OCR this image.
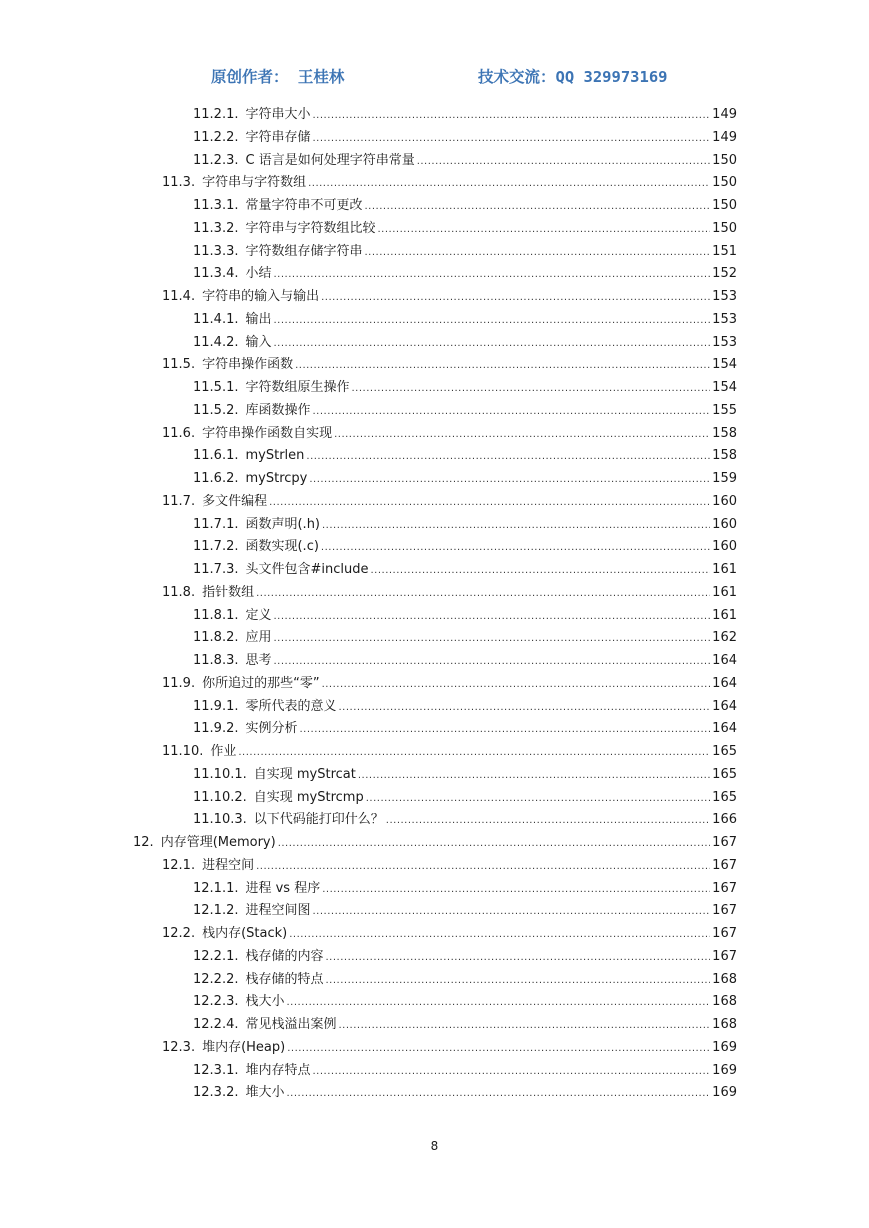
原创作者： 王桂林	技术交流：QQ 329973169
11.2.1. 字符串大小 .....	149
11.2.2. 字符串存储 .....	149
11.2.3. C 语言是如何处理字符串常量 .....	150
11.3. 字符串与字符数组 .....	150
11.3.1. 常量字符串不可更改 .....	150
11.3.2. 字符串与字符数组比较 .....	150
11.3.3. 字符数组存储字符串 .....	151
11.3.4. 小结 .....	152
11.4. 字符串的输入与输出 .....	153
11.4.1. 输出 .....	153
11.4.2. 输入 .....	153
11.5. 字符串操作函数 .....	154
11.5.1. 字符数组原生操作 .....	154
11.5.2. 库函数操作 .....	155
11.6. 字符串操作函数自实现 .....	158
11.6.1. myStrlen .....	158
11.6.2. myStrcpy .....	159
11.7. 多文件编程 .....	160
11.7.1. 函数声明(.h) .....	160
11.7.2. 函数实现(.c) .....	160
11.7.3. 头文件包含#include .....	161
11.8. 指针数组 .....	161
11.8.1. 定义 .....	161
11.8.2. 应用 .....	162
11.8.3. 思考 .....	164
11.9. 你所追过的那些“零” .....	164
11.9.1. 零所代表的意义 .....	164
11.9.2. 实例分析 .....	164
11.10. 作业 .....	165
11.10.1. 自实现 myStrcat .....	165
11.10.2. 自实现 myStrcmp .....	165
11.10.3. 以下代码能打印什么？ .....	166
12. 内存管理(Memory) .....	167
12.1. 进程空间 .....	167
12.1.1. 进程 vs 程序 .....	167
12.1.2. 进程空间图 .....	167
12.2. 栈内存(Stack) .....	167
12.2.1. 栈存储的内容 .....	167
12.2.2. 栈存储的特点 .....	168
12.2.3. 栈大小 .....	168
12.2.4. 常见栈溢出案例 .....	168
12.3. 堆内存(Heap) .....	169
12.3.1. 堆内存特点 .....	169
12.3.2. 堆大小 .....	169
8
